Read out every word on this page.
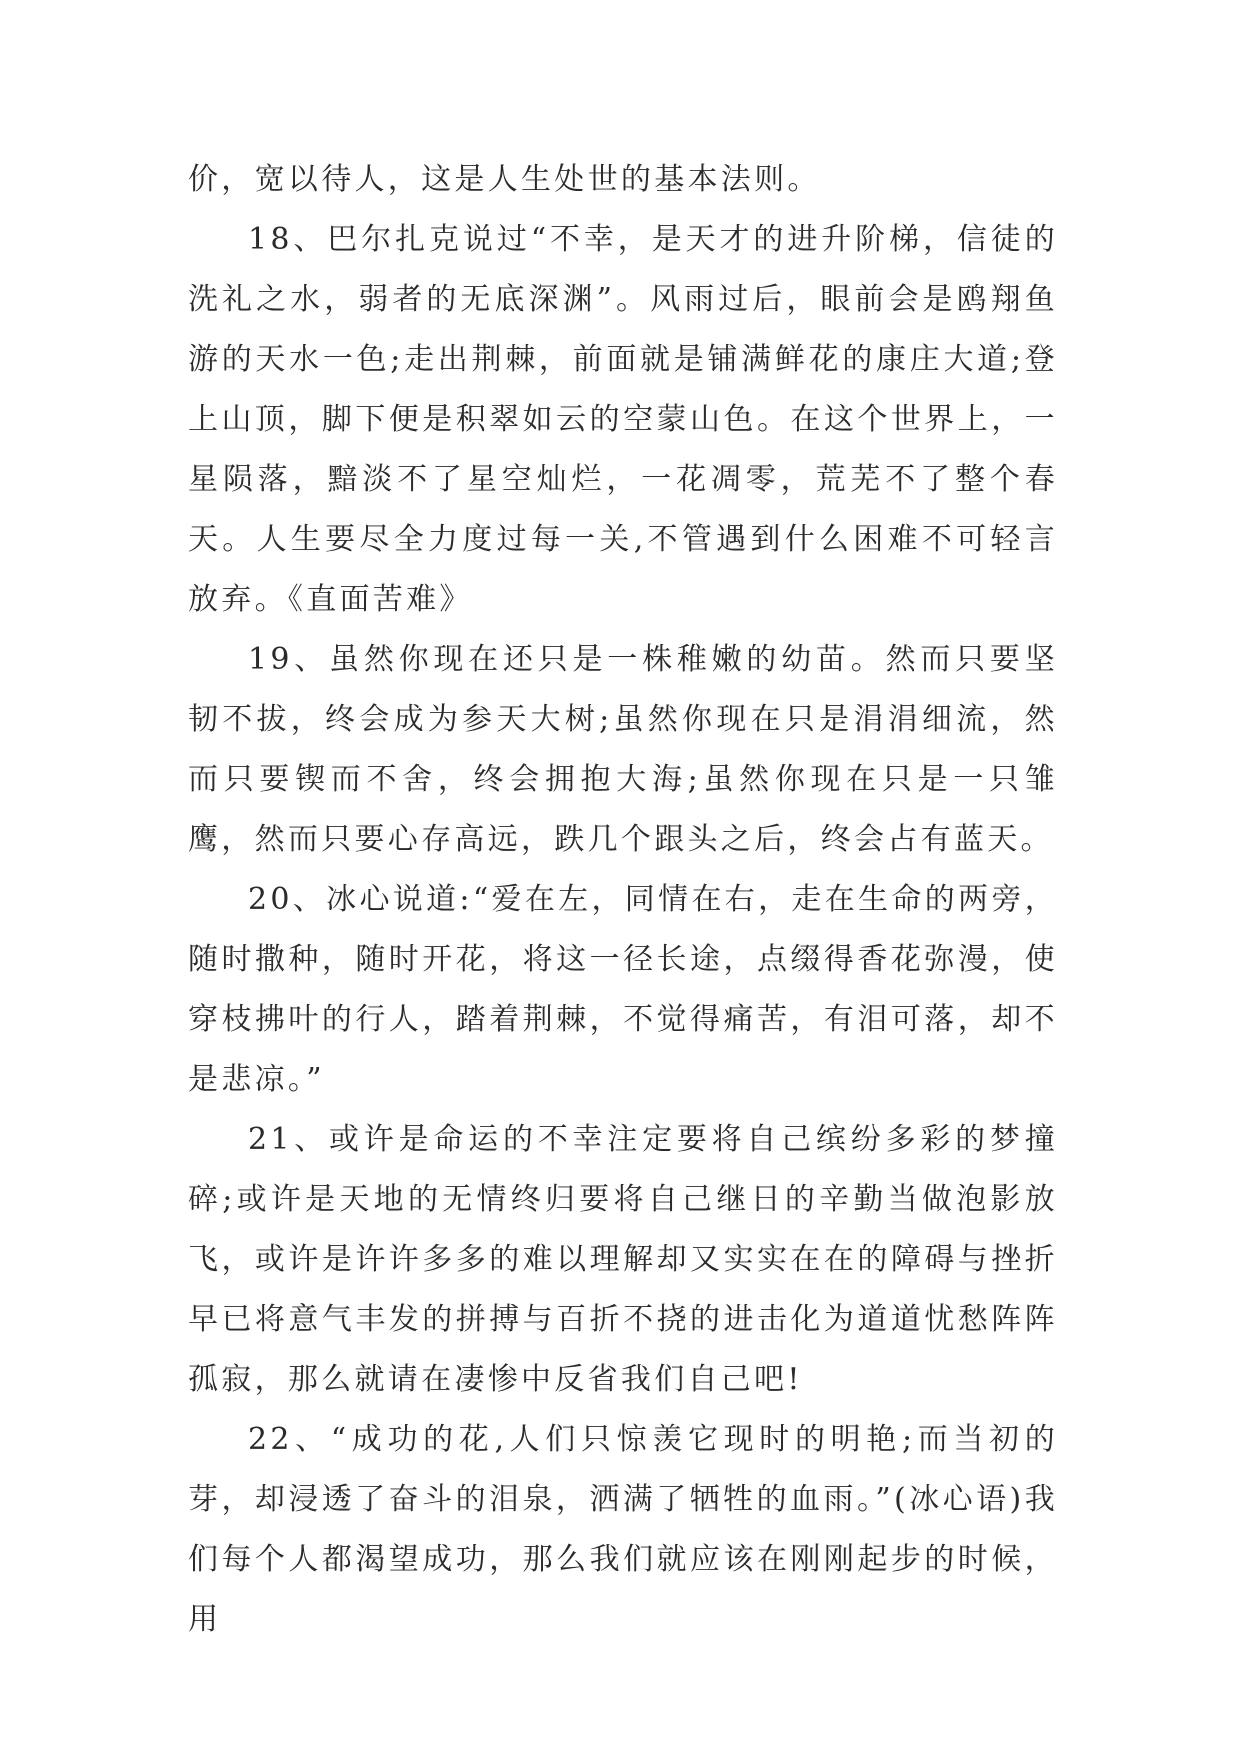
价，宽以待人，这是人生处世的基本法则。

18、巴尔扎克说过“不幸，是天才的进升阶梯，信徒的洗礼之水，弱者的无底深渊”。风雨过后，眼前会是鸥翔鱼游的天水一色;走出荆棘，前面就是铺满鲜花的康庄大道;登上山顶，脚下便是积翠如云的空蒙山色。在这个世界上，一星陨落，黯淡不了星空灿烂，一花凋零，荒芜不了整个春天。人生要尽全力度过每一关,不管遇到什么困难不可轻言放弃。《直面苦难》

19、虽然你现在还只是一株稚嫩的幼苗。然而只要坚韧不拔，终会成为参天大树;虽然你现在只是涓涓细流，然而只要锲而不舍，终会拥抱大海;虽然你现在只是一只雏鹰，然而只要心存高远，跌几个跟头之后，终会占有蓝天。

20、冰心说道:“爱在左，同情在右，走在生命的两旁，随时撒种，随时开花，将这一径长途，点缀得香花弥漫，使穿枝拂叶的行人，踏着荆棘，不觉得痛苦，有泪可落，却不是悲凉。”

21、或许是命运的不幸注定要将自己缤纷多彩的梦撞碎;或许是天地的无情终归要将自己继日的辛勤当做泡影放飞，或许是许许多多的难以理解却又实实在在的障碍与挫折早已将意气丰发的拼搏与百折不挠的进击化为道道忧愁阵阵孤寂，那么就请在凄惨中反省我们自己吧!

22、“成功的花,人们只惊羡它现时的明艳;而当初的芽，却浸透了奋斗的泪泉，洒满了牺牲的血雨。”(冰心语)我们每个人都渴望成功，那么我们就应该在刚刚起步的时候，用
